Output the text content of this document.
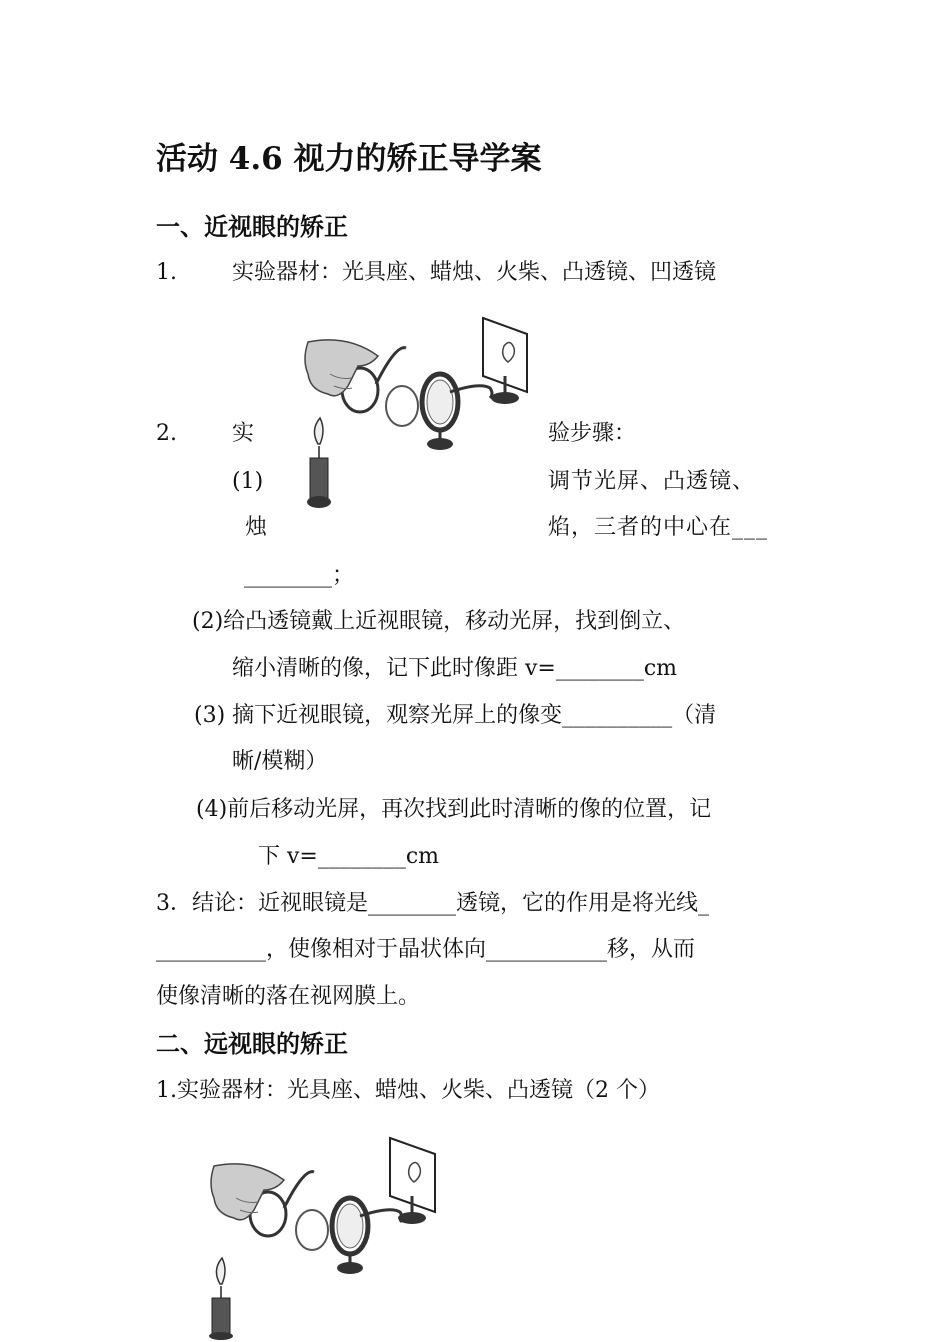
活动 4.6 视力的矫正导学案
一、近视眼的矫正
1.	实验器材：光具座、蜡烛、火柴、凸透镜、凹透镜
2.	实	验步骤：
(1)	调节光屏、凸透镜、
烛	焰，三者的中心在___
________；
(2)给凸透镜戴上近视眼镜，移动光屏，找到倒立、
缩小清晰的像，记下此时像距 v=________cm
(3) 摘下近视眼镜，观察光屏上的像变__________（清
晰/模糊）
(4)前后移动光屏，再次找到此时清晰的像的位置，记
下 v=________cm
3．结论：近视眼镜是________透镜，它的作用是将光线_
__________，使像相对于晶状体向___________移，从而
使像清晰的落在视网膜上。
二、远视眼的矫正
1.实验器材：光具座、蜡烛、火柴、凸透镜（2 个）
